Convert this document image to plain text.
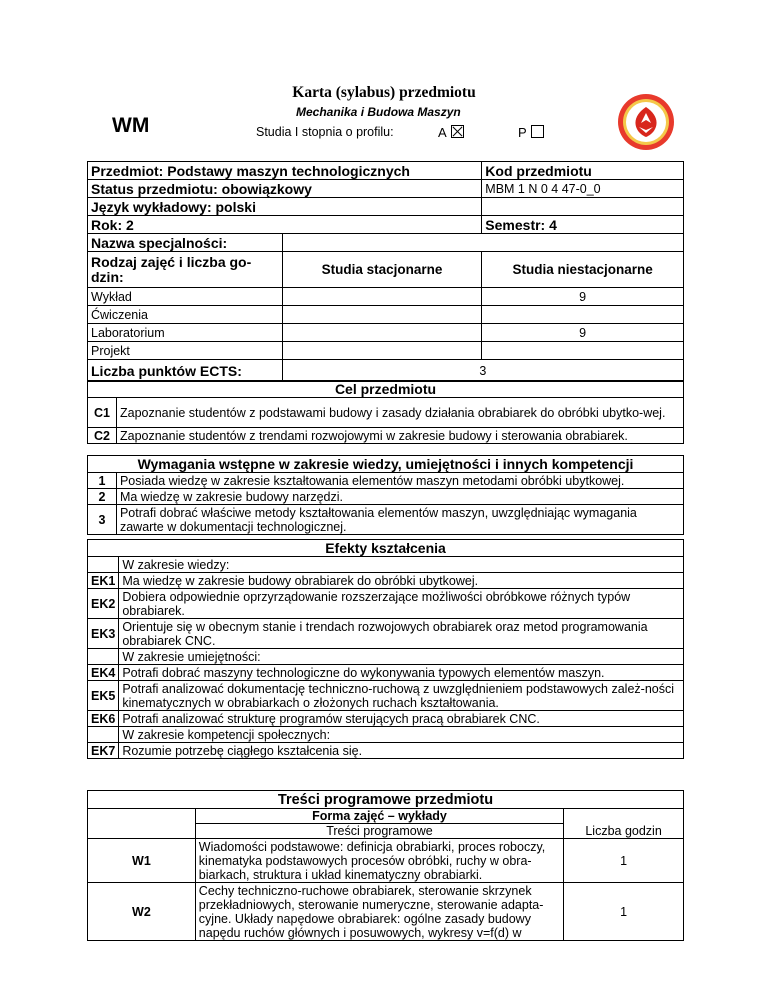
Karta (sylabus) przedmiotu
WM
Mechanika i Budowa Maszyn
Studia I stopnia o profilu:	A	P
Przedmiot: Podstawy maszyn technologicznych		Kod przedmiotu
Status przedmiotu: obowiązkowy		MBM 1 N 0 4 47-0_0
Język wykładowy: polski		
Rok: 2		Semestr: 4
Nazwa specjalności:		
Rodzaj zajęć i liczba go-dzin:	Studia stacjonarne	Studia niestacjonarne
Wykład		9
Ćwiczenia		
Laboratorium		9
Projekt		
Liczba punktów ECTS:	3	
Cel przedmiotu	
C1	Zapoznanie studentów z podstawami budowy i zasady działania obrabiarek do obróbki ubytko-wej.
C2	Zapoznanie studentów z trendami rozwojowymi w zakresie budowy i sterowania obrabiarek.
Wymagania wstępne w zakresie wiedzy, umiejętności i innych kompetencji	
1	Posiada wiedzę w zakresie kształtowania elementów maszyn metodami obróbki ubytkowej.
2	Ma wiedzę w zakresie budowy narzędzi.
3	Potrafi dobrać właściwe metody kształtowania elementów maszyn, uwzględniając wymagania zawarte w dokumentacji technologicznej.
Efekty kształcenia	
	W zakresie wiedzy:
EK1	Ma wiedzę w zakresie budowy obrabiarek do obróbki ubytkowej.
EK2	Dobiera odpowiednie oprzyrządowanie rozszerzające możliwości obróbkowe różnych typów obrabiarek.
EK3	Orientuje się w obecnym stanie i trendach rozwojowych obrabiarek oraz metod programowania obrabiarek CNC.
	W zakresie umiejętności:
EK4	Potrafi dobrać maszyny technologiczne do wykonywania typowych elementów maszyn.
EK5	Potrafi analizować dokumentację techniczno-ruchową z uwzględnieniem podstawowych zależ-ności kinematycznych w obrabiarkach o złożonych ruchach kształtowania.
EK6	Potrafi analizować strukturę programów sterujących pracą obrabiarek CNC.
	W zakresie kompetencji społecznych:
EK7	Rozumie potrzebę ciągłego kształcenia się.
Treści programowe przedmiotu		
	Forma zajęć – wykłady	
	Treści programowe	Liczba godzin
W1	Wiadomości podstawowe: definicja obrabiarki, proces roboczy, kinematyka podstawowych procesów obróbki, ruchy w obra-biarkach, struktura i układ kinematyczny obrabiarki.	1
W2	Cechy techniczno-ruchowe obrabiarek, sterowanie skrzynek przekładniowych, sterowanie numeryczne, sterowanie adapta-cyjne. Układy napędowe obrabiarek: ogólne zasady budowy napędu ruchów głównych i posuwowych, wykresy v=f(d) w	1
